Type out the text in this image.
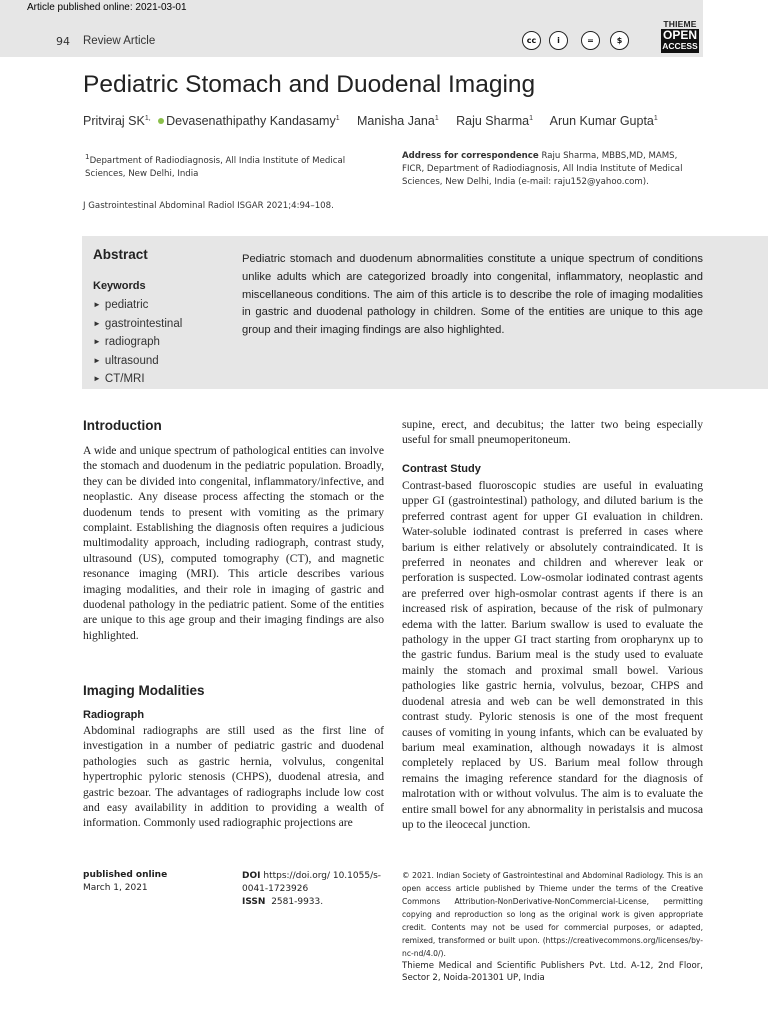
Article published online: 2021-03-01
94 Review Article	cc	i	=	$
THIEME
OPEN
ACCESS
Pediatric Stomach and Duodenal Imaging
Pritviraj $SK^{1,}$ Devasenathipathy Kandasamy$^1$ Manisha Jana$^1$ Raju Sharma$^1$ Arun Kumar Gupta$^1$
$^1$Department of Radiodiagnosis, All India Institute of Medical Sciences, New Delhi, India
Address for correspondence Raju Sharma, MBBS,MD, MAMS, FICR, Department of Radiodiagnosis, All India Institute of Medical Sciences, New Delhi, India (e-mail: raju152@yahoo.com).
J Gastrointestinal Abdominal Radiol ISGAR 2021;4:94–108.
Abstract
Keywords
► pediatric
► gastrointestinal
► radiograph
► ultrasound
► CT/MRI
Pediatric stomach and duodenum abnormalities constitute a unique spectrum of conditions unlike adults which are categorized broadly into congenital, inflammatory, neoplastic and miscellaneous conditions. The aim of this article is to describe the role of imaging modalities in gastric and duodenal pathology in children. Some of the entities are unique to this age group and their imaging findings are also highlighted.
Introduction
A wide and unique spectrum of pathological entities can involve the stomach and duodenum in the pediatric population. Broadly, they can be divided into congenital, inflammatory/infective, and neoplastic. Any disease process affecting the stomach or the duodenum tends to present with vomiting as the primary complaint. Establishing the diagnosis often requires a judicious multimodality approach, including radiograph, contrast study, ultrasound (US), computed tomography (CT), and magnetic resonance imaging (MRI). This article describes various imaging modalities, and their role in imaging of gastric and duodenal pathology in the pediatric patient. Some of the entities are unique to this age group and their imaging findings are also highlighted.
Imaging Modalities
Radiograph
Abdominal radiographs are still used as the first line of investigation in a number of pediatric gastric and duodenal pathologies such as gastric hernia, volvulus, congenital hypertrophic pyloric stenosis (CHPS), duodenal atresia, and gastric bezoar. The advantages of radiographs include low cost and easy availability in addition to providing a wealth of information. Commonly used radiographic projections are
supine, erect, and decubitus; the latter two being especially useful for small pneumoperitoneum.
Contrast Study
Contrast-based fluoroscopic studies are useful in evaluating upper GI (gastrointestinal) pathology, and diluted barium is the preferred contrast agent for upper GI evaluation in children. Water-soluble iodinated contrast is preferred in cases where barium is either relatively or absolutely contraindicated. It is preferred in neonates and children and wherever leak or perforation is suspected. Low-osmolar iodinated contrast agents are preferred over high-osmolar contrast agents if there is an increased risk of aspiration, because of the risk of pulmonary edema with the latter. Barium swallow is used to evaluate the pathology in the upper GI tract starting from oropharynx up to the gastric fundus. Barium meal is the study used to evaluate mainly the stomach and proximal small bowel. Various pathologies like gastric hernia, volvulus, bezoar, CHPS and duodenal atresia and web can be well demonstrated in this contrast study. Pyloric stenosis is one of the most frequent causes of vomiting in young infants, which can be evaluated by barium meal examination, although nowadays it is almost completely replaced by US. Barium meal follow through remains the imaging reference standard for the diagnosis of malrotation with or without volvulus. The aim is to evaluate the entire small bowel for any abnormality in peristalsis and mucosa up to the ileocecal junction.
published online
March 1, 2021
DOI https://doi.org/ 10.1055/s-0041-1723926
ISSN 2581-9933.
© 2021. Indian Society of Gastrointestinal and Abdominal Radiology. This is an open access article published by Thieme under the terms of the Creative Commons Attribution-NonDerivative-NonCommercial-License, permitting copying and reproduction so long as the original work is given appropriate credit. Contents may not be used for commercial purposes, or adapted, remixed, transformed or built upon. (https://creativecommons.org/licenses/by-nc-nd/4.0/).
Thieme Medical and Scientific Publishers Pvt. Ltd. A-12, 2nd Floor, Sector 2, Noida-201301 UP, India
